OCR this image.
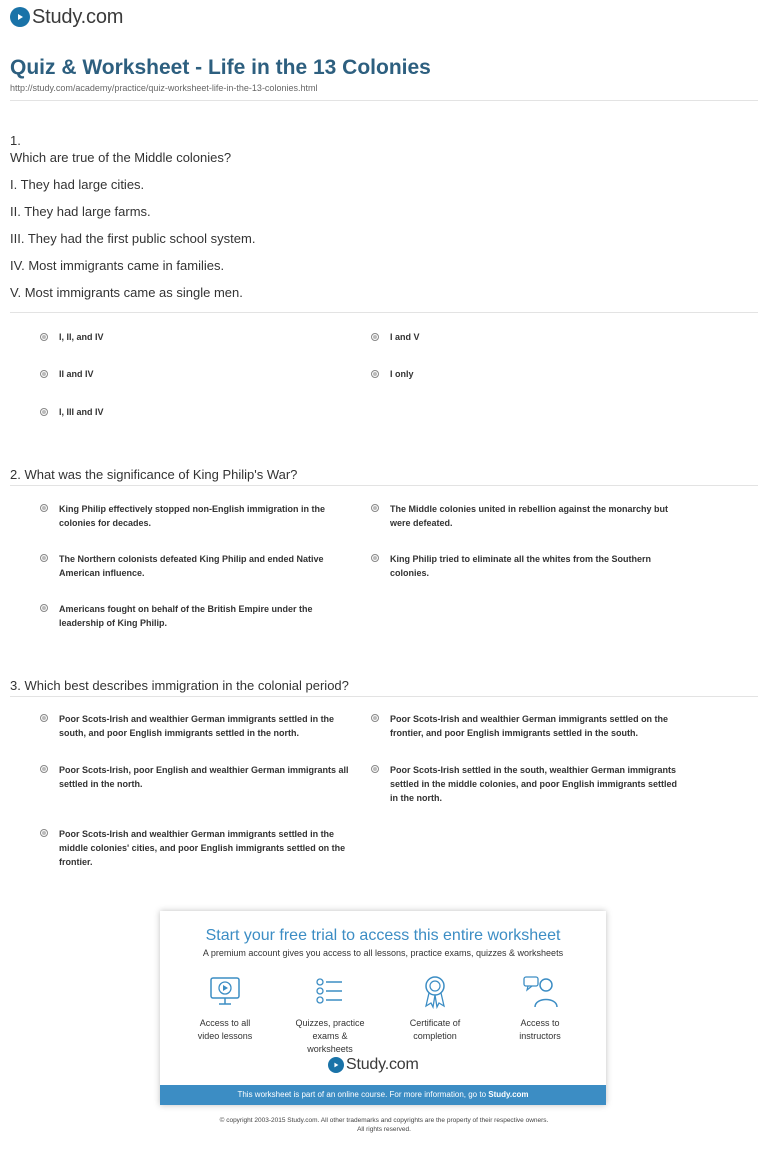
Study.com
Quiz & Worksheet - Life in the 13 Colonies
http://study.com/academy/practice/quiz-worksheet-life-in-the-13-colonies.html
1.
Which are true of the Middle colonies?
I. They had large cities.
II. They had large farms.
III. They had the first public school system.
IV. Most immigrants came in families.
V. Most immigrants came as single men.
I, II, and IV	I and V
II and IV	I only
I, III and IV
2. What was the significance of King Philip's War?
King Philip effectively stopped non-English immigration in the colonies for decades.
The Middle colonies united in rebellion against the monarchy but were defeated.
The Northern colonists defeated King Philip and ended Native American influence.
King Philip tried to eliminate all the whites from the Southern colonies.
Americans fought on behalf of the British Empire under the leadership of King Philip.
3. Which best describes immigration in the colonial period?
Poor Scots-Irish and wealthier German immigrants settled in the south, and poor English immigrants settled in the north.
Poor Scots-Irish and wealthier German immigrants settled on the frontier, and poor English immigrants settled in the south.
Poor Scots-Irish, poor English and wealthier German immigrants all settled in the north.
Poor Scots-Irish settled in the south, wealthier German immigrants settled in the middle colonies, and poor English immigrants settled in the north.
Poor Scots-Irish and wealthier German immigrants settled in the middle colonies' cities, and poor English immigrants settled on the frontier.
Start your free trial to access this entire worksheet
A premium account gives you access to all lessons, practice exams, quizzes & worksheets
Access to all
video lessons
Quizzes, practice
exams & worksheets
Certificate of
completion
Access to
instructors
Study.com
This worksheet is part of an online course. For more information, go to Study.com
© copyright 2003-2015 Study.com. All other trademarks and copyrights are the property of their respective owners.
All rights reserved.
